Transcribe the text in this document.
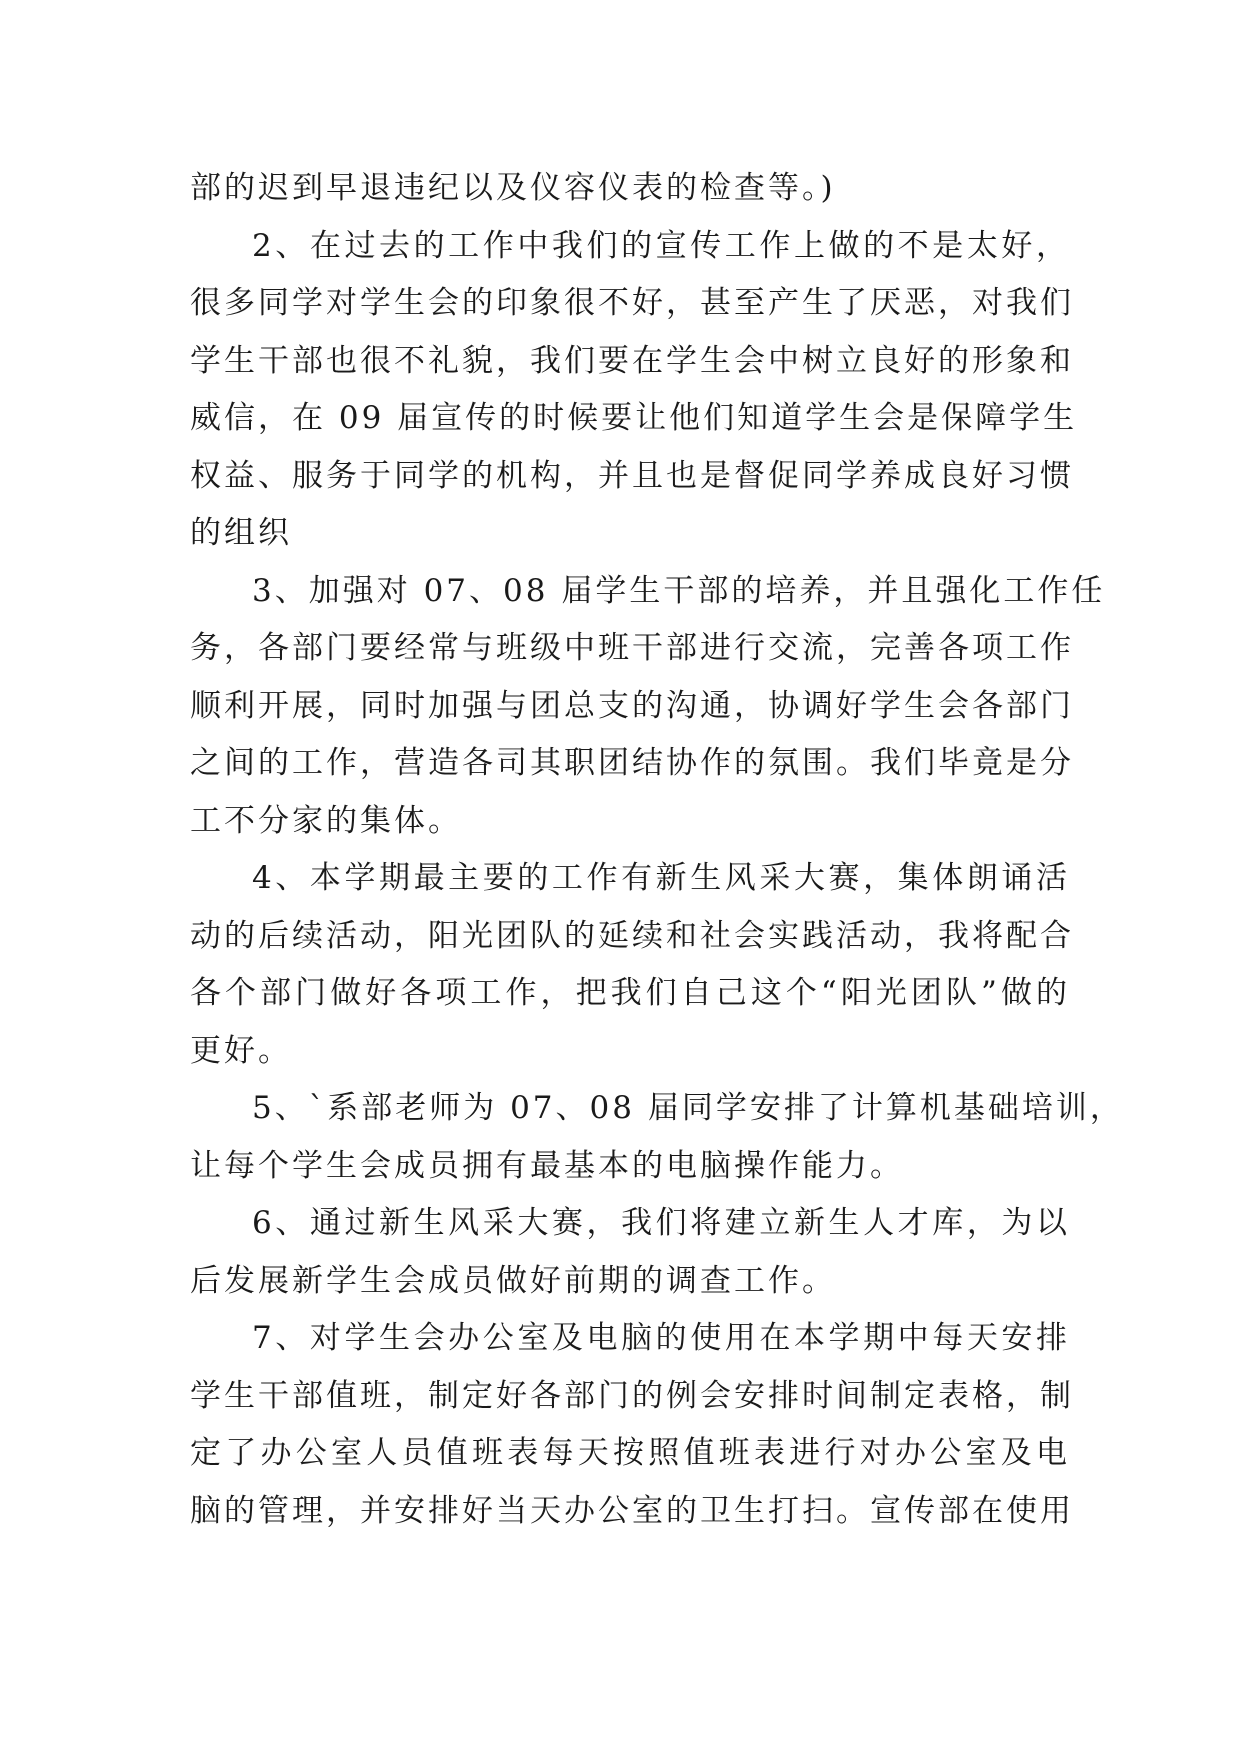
部的迟到早退违纪以及仪容仪表的检查等。)
2、在过去的工作中我们的宣传工作上做的不是太好，
很多同学对学生会的印象很不好，甚至产生了厌恶，对我们
学生干部也很不礼貌，我们要在学生会中树立良好的形象和
威信，在 09 届宣传的时候要让他们知道学生会是保障学生
权益、服务于同学的机构，并且也是督促同学养成良好习惯
的组织
3、加强对 07、08 届学生干部的培养，并且强化工作任
务，各部门要经常与班级中班干部进行交流，完善各项工作
顺利开展，同时加强与团总支的沟通，协调好学生会各部门
之间的工作，营造各司其职团结协作的氛围。我们毕竟是分
工不分家的集体。
4、本学期最主要的工作有新生风采大赛，集体朗诵活
动的后续活动，阳光团队的延续和社会实践活动，我将配合
各个部门做好各项工作，把我们自己这个“阳光团队”做的
更好。
5、`系部老师为 07、08 届同学安排了计算机基础培训，
让每个学生会成员拥有最基本的电脑操作能力。
6、通过新生风采大赛，我们将建立新生人才库，为以
后发展新学生会成员做好前期的调查工作。
7、对学生会办公室及电脑的使用在本学期中每天安排
学生干部值班，制定好各部门的例会安排时间制定表格，制
定了办公室人员值班表每天按照值班表进行对办公室及电
脑的管理，并安排好当天办公室的卫生打扫。宣传部在使用
